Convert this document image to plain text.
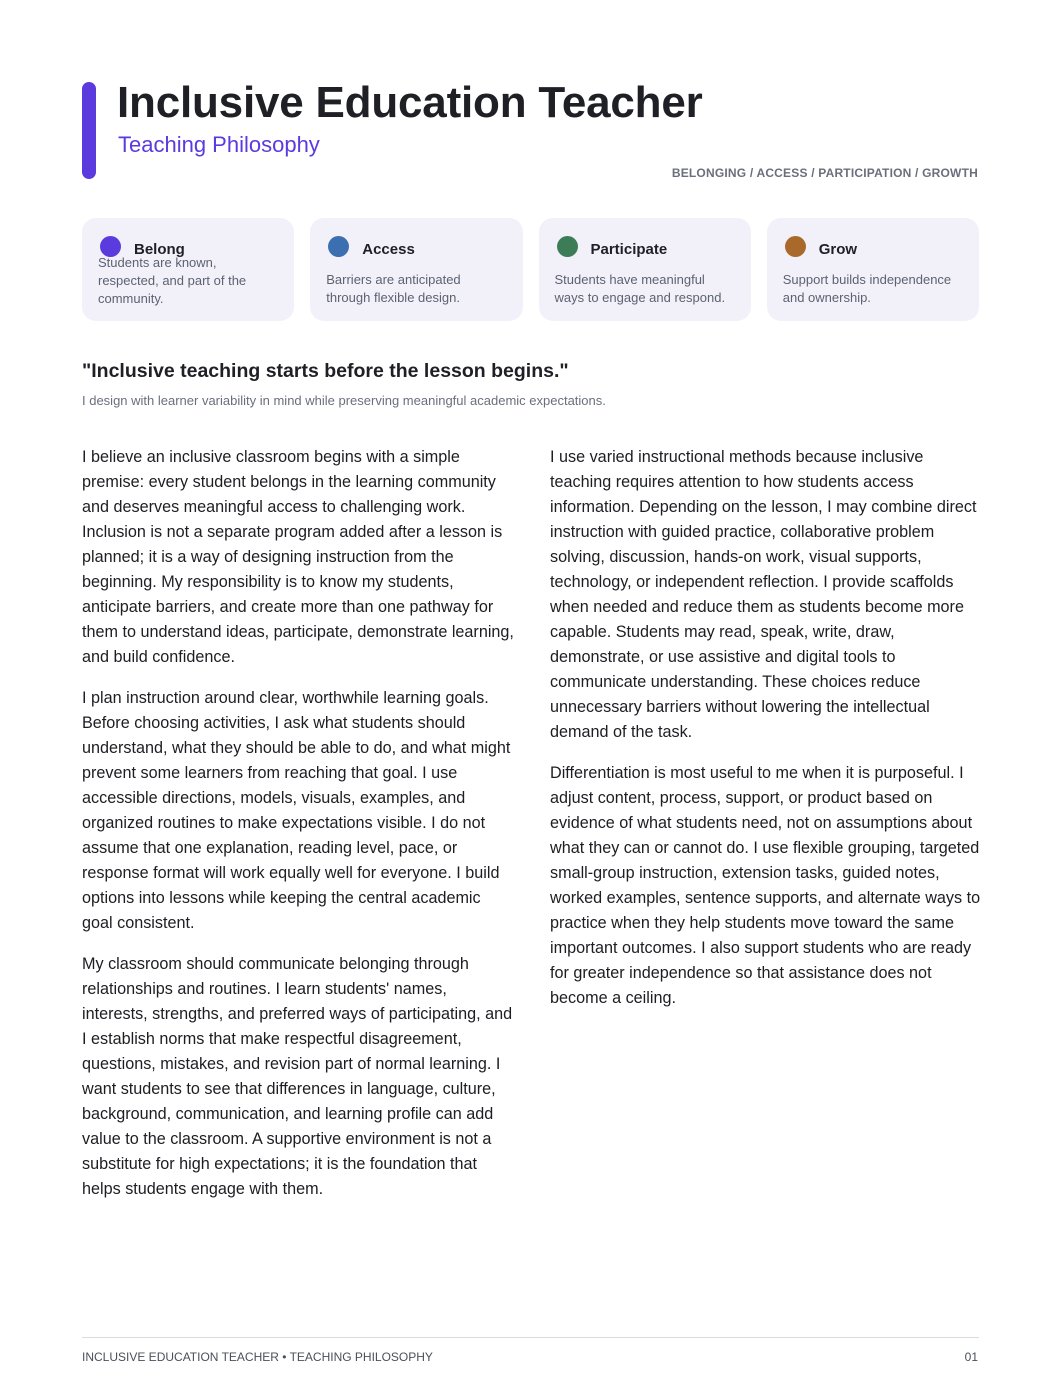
Inclusive Education Teacher
Teaching Philosophy
BELONGING / ACCESS / PARTICIPATION / GROWTH
Belong
Students are known, respected, and part of the community.
Access
Barriers are anticipated through flexible design.
Participate
Students have meaningful ways to engage and respond.
Grow
Support builds independence and ownership.
"Inclusive teaching starts before the lesson begins."
I design with learner variability in mind while preserving meaningful academic expectations.

I believe an inclusive classroom begins with a simple premise: every student belongs in the learning community and deserves meaningful access to challenging work. Inclusion is not a separate program added after a lesson is planned; it is a way of designing instruction from the beginning. My responsibility is to know my students, anticipate barriers, and create more than one pathway for them to understand ideas, participate, demonstrate learning, and build confidence.

I plan instruction around clear, worthwhile learning goals. Before choosing activities, I ask what students should understand, what they should be able to do, and what might prevent some learners from reaching that goal. I use accessible directions, models, visuals, examples, and organized routines to make expectations visible. I do not assume that one explanation, reading level, pace, or response format will work equally well for everyone. I build options into lessons while keeping the central academic goal consistent.

My classroom should communicate belonging through relationships and routines. I learn students' names, interests, strengths, and preferred ways of participating, and I establish norms that make respectful disagreement, questions, mistakes, and revision part of normal learning. I want students to see that differences in language, culture, background, communication, and learning profile can add value to the classroom. A supportive environment is not a substitute for high expectations; it is the foundation that helps students engage with them.

I use varied instructional methods because inclusive teaching requires attention to how students access information. Depending on the lesson, I may combine direct instruction with guided practice, collaborative problem solving, discussion, hands-on work, visual supports, technology, or independent reflection. I provide scaffolds when needed and reduce them as students become more capable. Students may read, speak, write, draw, demonstrate, or use assistive and digital tools to communicate understanding. These choices reduce unnecessary barriers without lowering the intellectual demand of the task.

Differentiation is most useful to me when it is purposeful. I adjust content, process, support, or product based on evidence of what students need, not on assumptions about what they can or cannot do. I use flexible grouping, targeted small-group instruction, extension tasks, guided notes, worked examples, sentence supports, and alternate ways to practice when they help students move toward the same important outcomes. I also support students who are ready for greater independence so that assistance does not become a ceiling.

INCLUSIVE EDUCATION TEACHER • TEACHING PHILOSOPHY	01
